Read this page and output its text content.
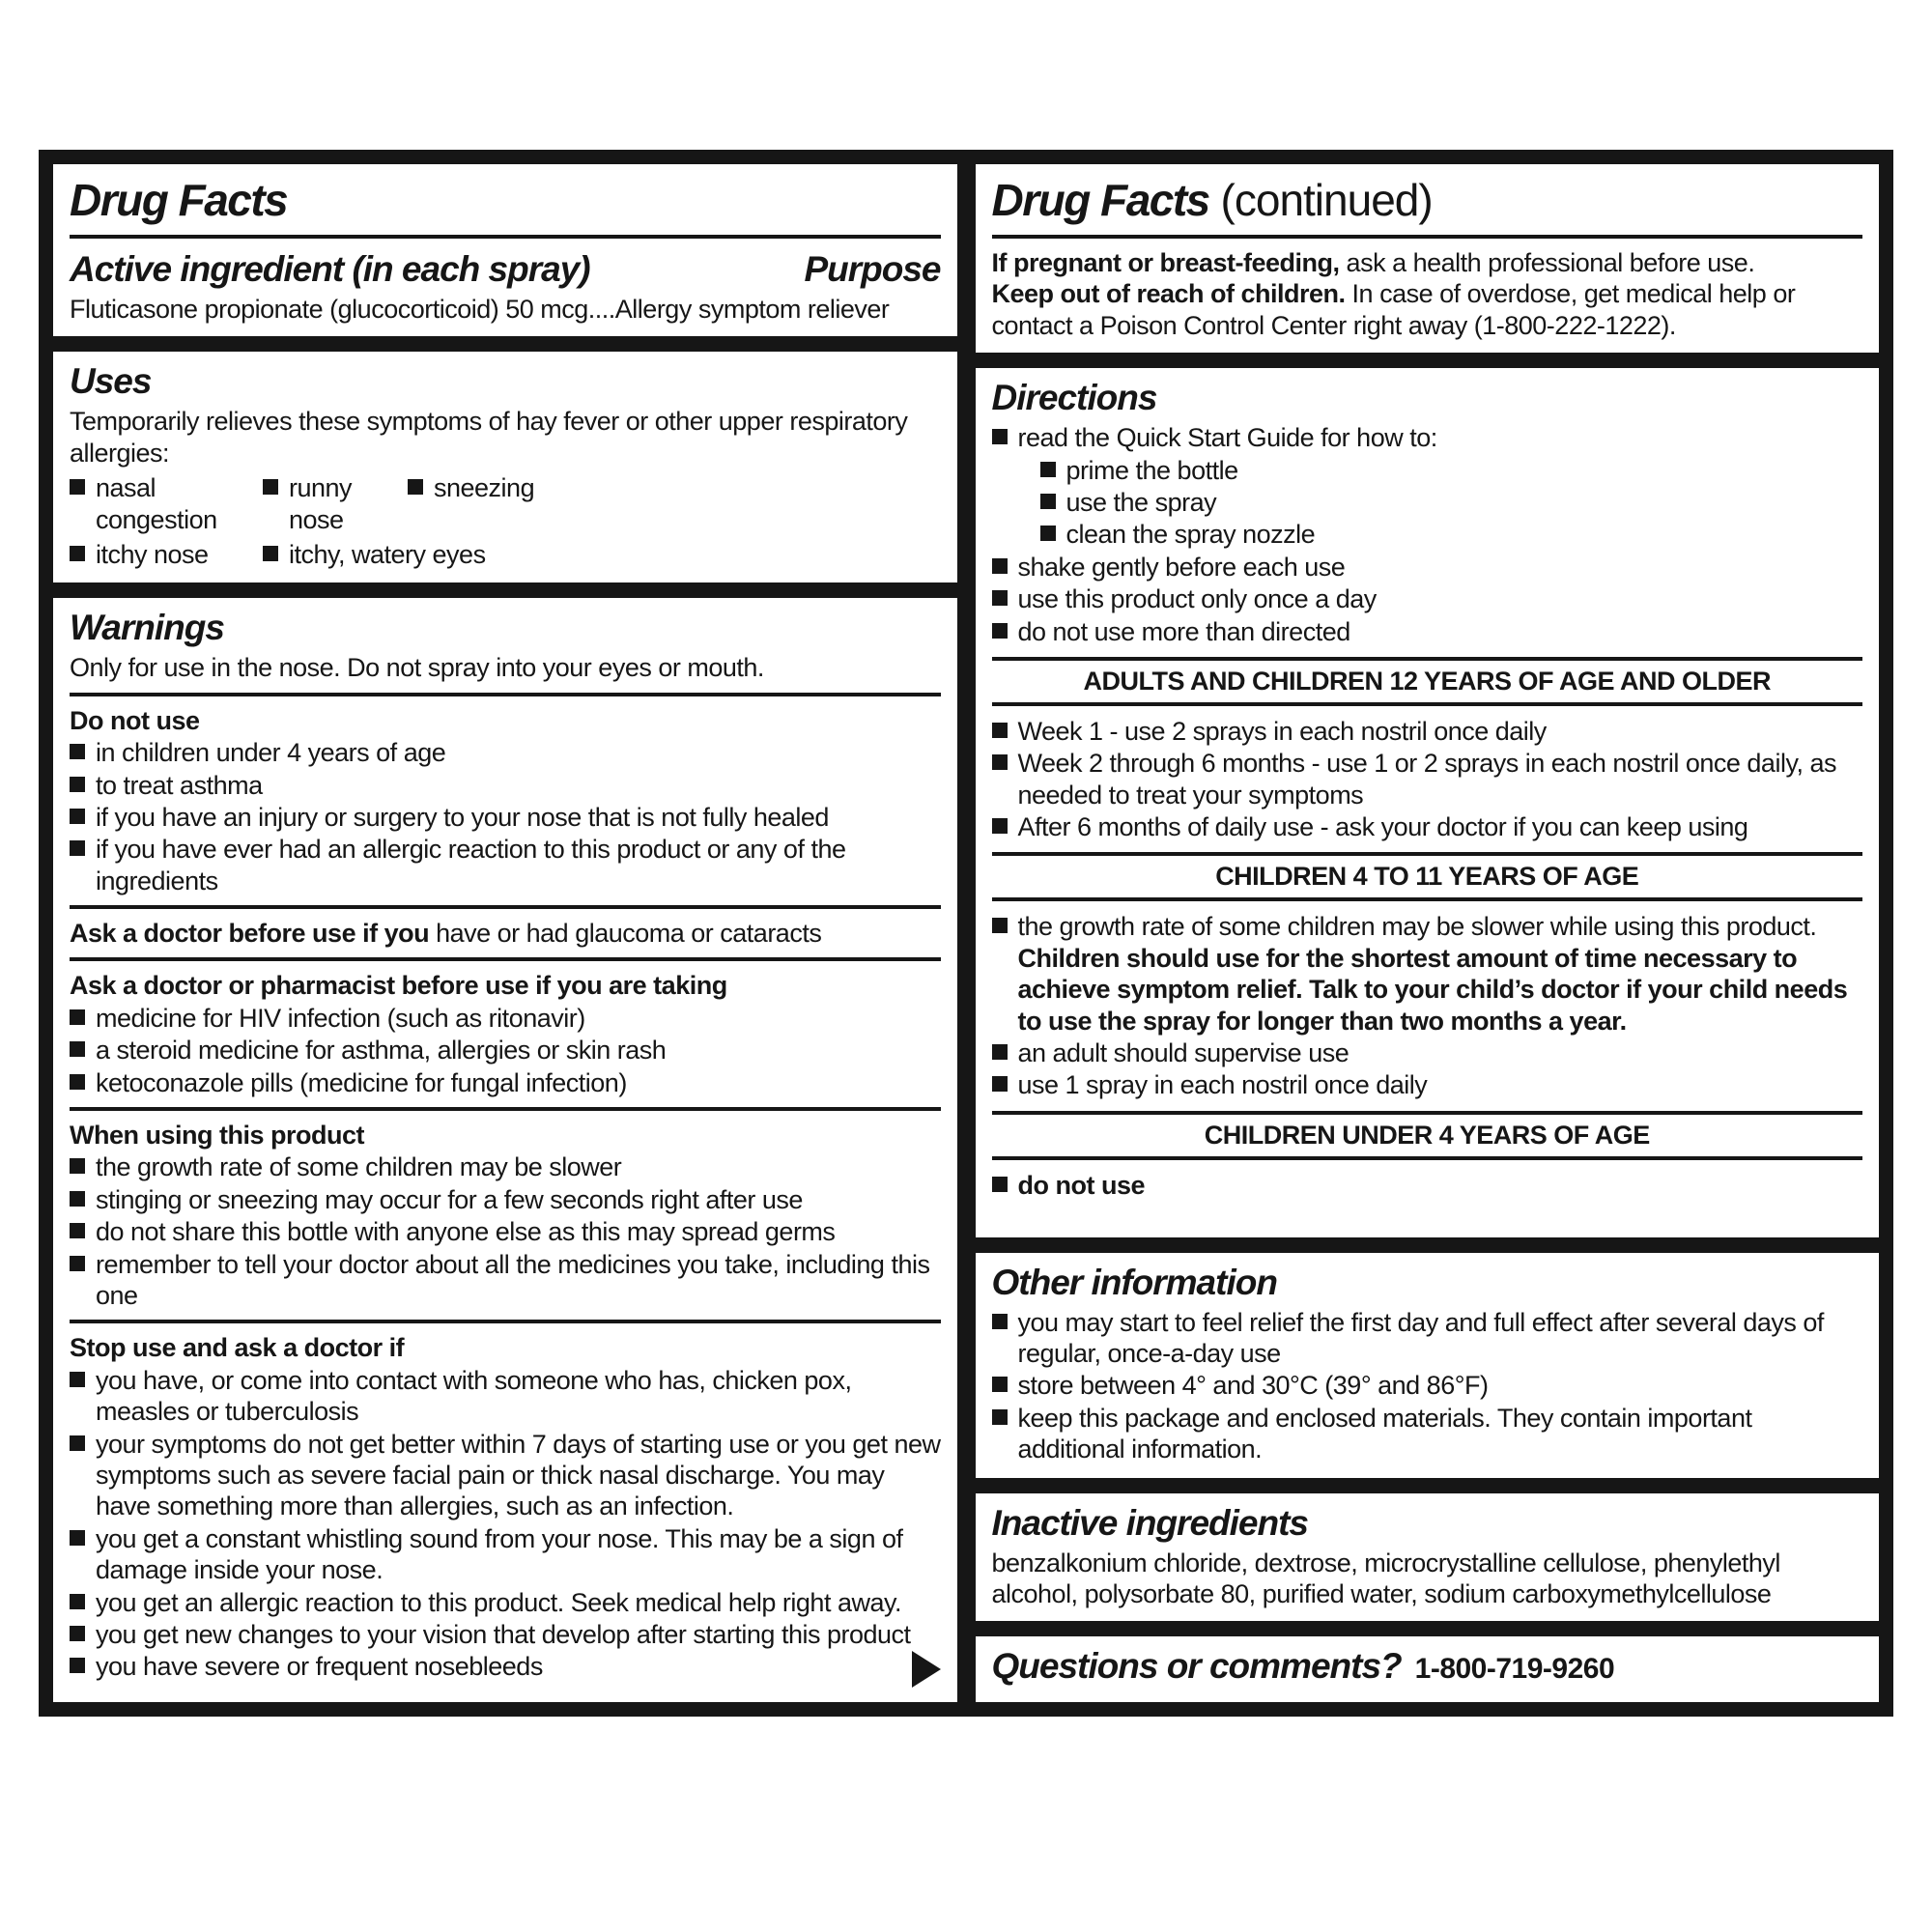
Drug Facts
Active ingredient (in each spray)	Purpose
Fluticasone propionate (glucocorticoid) 50 mcg....Allergy symptom reliever
Uses
Temporarily relieves these symptoms of hay fever or other upper respiratory allergies:
nasal congestion
runny nose
sneezing
itchy nose	itchy, watery eyes
Warnings
Only for use in the nose. Do not spray into your eyes or mouth.
Do not use
in children under 4 years of age
to treat asthma
if you have an injury or surgery to your nose that is not fully healed
if you have ever had an allergic reaction to this product or any of the ingredients
Ask a doctor before use if you have or had glaucoma or cataracts
Ask a doctor or pharmacist before use if you are taking
medicine for HIV infection (such as ritonavir)
a steroid medicine for asthma, allergies or skin rash
ketoconazole pills (medicine for fungal infection)
When using this product
the growth rate of some children may be slower
stinging or sneezing may occur for a few seconds right after use
do not share this bottle with anyone else as this may spread germs
remember to tell your doctor about all the medicines you take, including this one
Stop use and ask a doctor if
you have, or come into contact with someone who has, chicken pox, measles or tuberculosis
your symptoms do not get better within 7 days of starting use or you get new symptoms such as severe facial pain or thick nasal discharge. You may have something more than allergies, such as an infection.
you get a constant whistling sound from your nose. This may be a sign of damage inside your nose.
you get an allergic reaction to this product. Seek medical help right away.
you get new changes to your vision that develop after starting this product
you have severe or frequent nosebleeds
Drug Facts (continued)
If pregnant or breast-feeding, ask a health professional before use.
Keep out of reach of children. In case of overdose, get medical help or contact a Poison Control Center right away (1-800-222-1222).
Directions
read the Quick Start Guide for how to:
prime the bottle
use the spray
clean the spray nozzle
shake gently before each use
use this product only once a day
do not use more than directed
ADULTS AND CHILDREN 12 YEARS OF AGE AND OLDER
Week 1 - use 2 sprays in each nostril once daily
Week 2 through 6 months - use 1 or 2 sprays in each nostril once daily, as needed to treat your symptoms
After 6 months of daily use - ask your doctor if you can keep using
CHILDREN 4 TO 11 YEARS OF AGE
the growth rate of some children may be slower while using this product. Children should use for the shortest amount of time necessary to achieve symptom relief. Talk to your child’s doctor if your child needs to use the spray for longer than two months a year.
an adult should supervise use
use 1 spray in each nostril once daily
CHILDREN UNDER 4 YEARS OF AGE
do not use
Other information
you may start to feel relief the first day and full effect after several days of regular, once-a-day use
store between 4° and 30°C (39° and 86°F)
keep this package and enclosed materials. They contain important additional information.
Inactive ingredients
benzalkonium chloride, dextrose, microcrystalline cellulose, phenylethyl alcohol, polysorbate 80, purified water, sodium carboxymethylcellulose
Questions or comments? 1-800-719-9260
